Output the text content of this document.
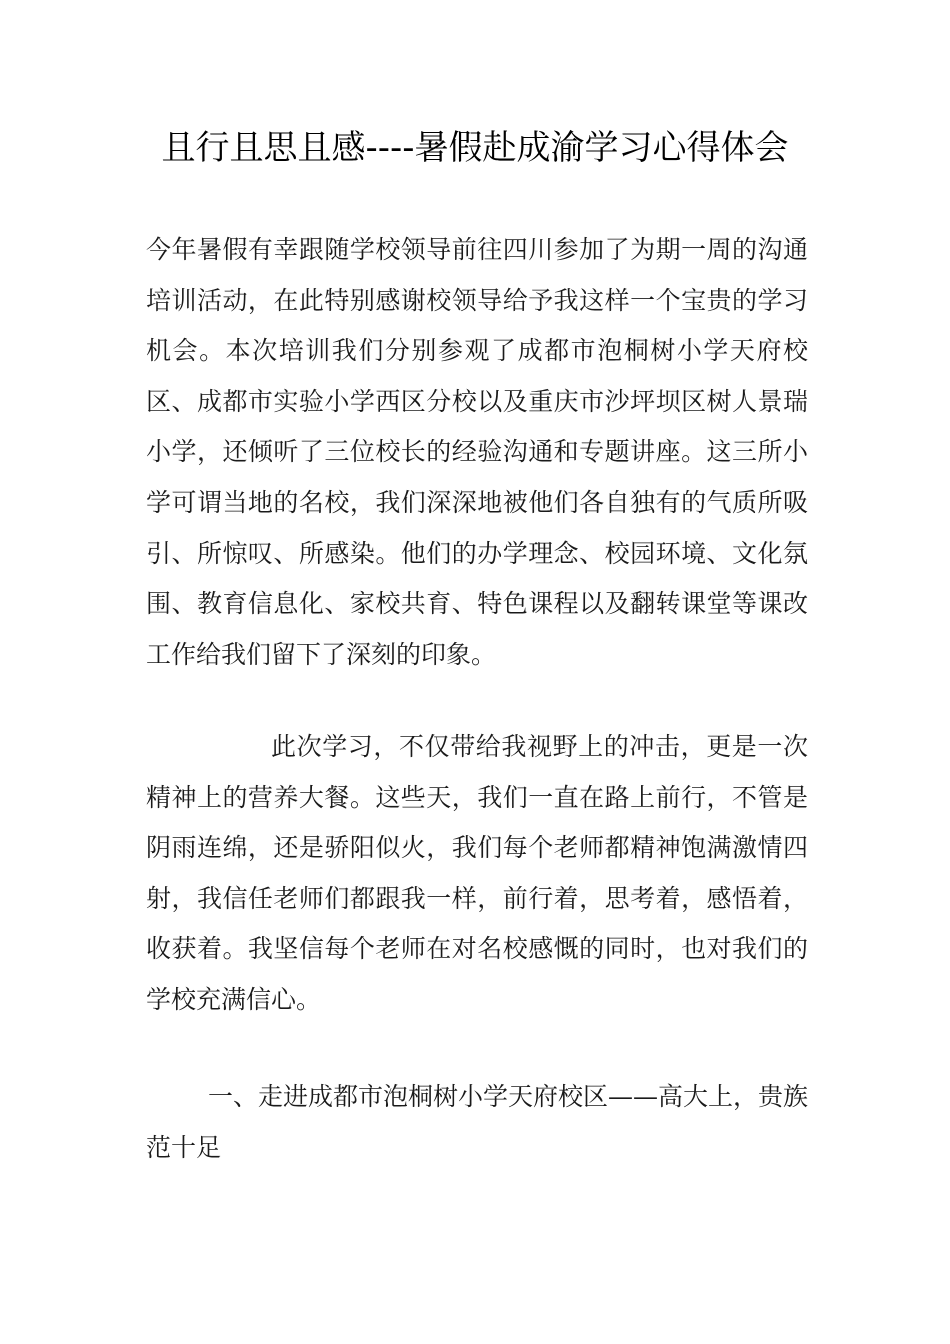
且行且思且感----暑假赴成渝学习心得体会

今年暑假有幸跟随学校领导前往四川参加了为期一周的沟通培训活动，在此特别感谢校领导给予我这样一个宝贵的学习机会。本次培训我们分别参观了成都市泡桐树小学天府校区、成都市实验小学西区分校以及重庆市沙坪坝区树人景瑞小学，还倾听了三位校长的经验沟通和专题讲座。这三所小学可谓当地的名校，我们深深地被他们各自独有的气质所吸引、所惊叹、所感染。他们的办学理念、校园环境、文化氛围、教育信息化、家校共育、特色课程以及翻转课堂等课改工作给我们留下了深刻的印象。

此次学习，不仅带给我视野上的冲击，更是一次精神上的营养大餐。这些天，我们一直在路上前行，不管是阴雨连绵，还是骄阳似火，我们每个老师都精神饱满激情四射，我信任老师们都跟我一样，前行着，思考着，感悟着，收获着。我坚信每个老师在对名校感慨的同时，也对我们的学校充满信心。

一、走进成都市泡桐树小学天府校区——高大上，贵族范十足
